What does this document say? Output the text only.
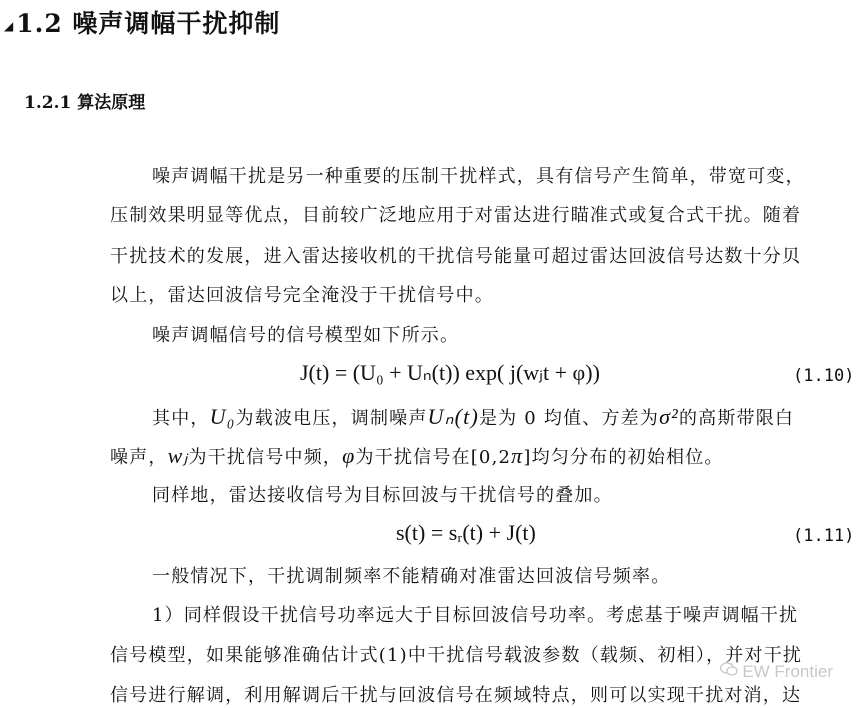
◢1.2 噪声调幅干扰抑制
1.2.1 算法原理
噪声调幅干扰是另一种重要的压制干扰样式，具有信号产生简单，带宽可变，
压制效果明显等优点，目前较广泛地应用于对雷达进行瞄准式或复合式干扰。随着
干扰技术的发展，进入雷达接收机的干扰信号能量可超过雷达回波信号达数十分贝
以上，雷达回波信号完全淹没于干扰信号中。
噪声调幅信号的信号模型如下所示。
J(t) = (U₀ + Uₙ(t)) exp( j(wⱼt + φ))	(1.10)
其中，U₀为载波电压，调制噪声Uₙ(t)是为 0 均值、方差为σ²的高斯带限白
噪声，wⱼ为干扰信号中频，φ为干扰信号在[0,2π]均匀分布的初始相位。
同样地，雷达接收信号为目标回波与干扰信号的叠加。
s(t) = sᵣ(t) + J(t)	(1.11)
一般情况下，干扰调制频率不能精确对准雷达回波信号频率。
1）同样假设干扰信号功率远大于目标回波信号功率。考虑基于噪声调幅干扰
信号模型，如果能够准确估计式(1)中干扰信号载波参数（载频、初相），并对干扰
信号进行解调，利用解调后干扰与回波信号在频域特点，则可以实现干扰对消，达
EW Frontier
